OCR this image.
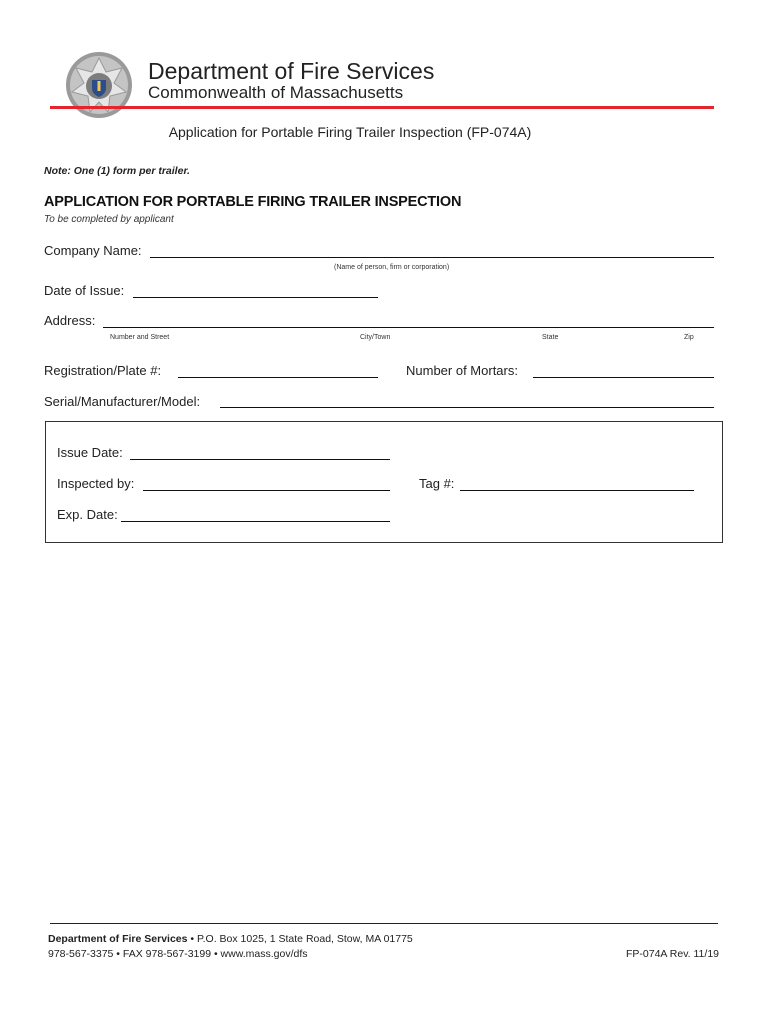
Department of Fire Services
Commonwealth of Massachusetts
Application for Portable Firing Trailer Inspection (FP-074A)
Note: One (1) form per trailer.
APPLICATION FOR PORTABLE FIRING TRAILER INSPECTION
To be completed by applicant
Company Name:
(Name of person, firm or corporation)
Date of Issue:
Address:
Number and Street	City/Town	State	Zip
Registration/Plate #:	Number of Mortars:
Serial/Manufacturer/Model:
Issue Date:
Inspected by:	Tag #:
Exp. Date:
Department of Fire Services • P.O. Box 1025, 1 State Road, Stow, MA 01775
978-567-3375 • FAX 978-567-3199 • www.mass.gov/dfs	FP-074A Rev. 11/19
